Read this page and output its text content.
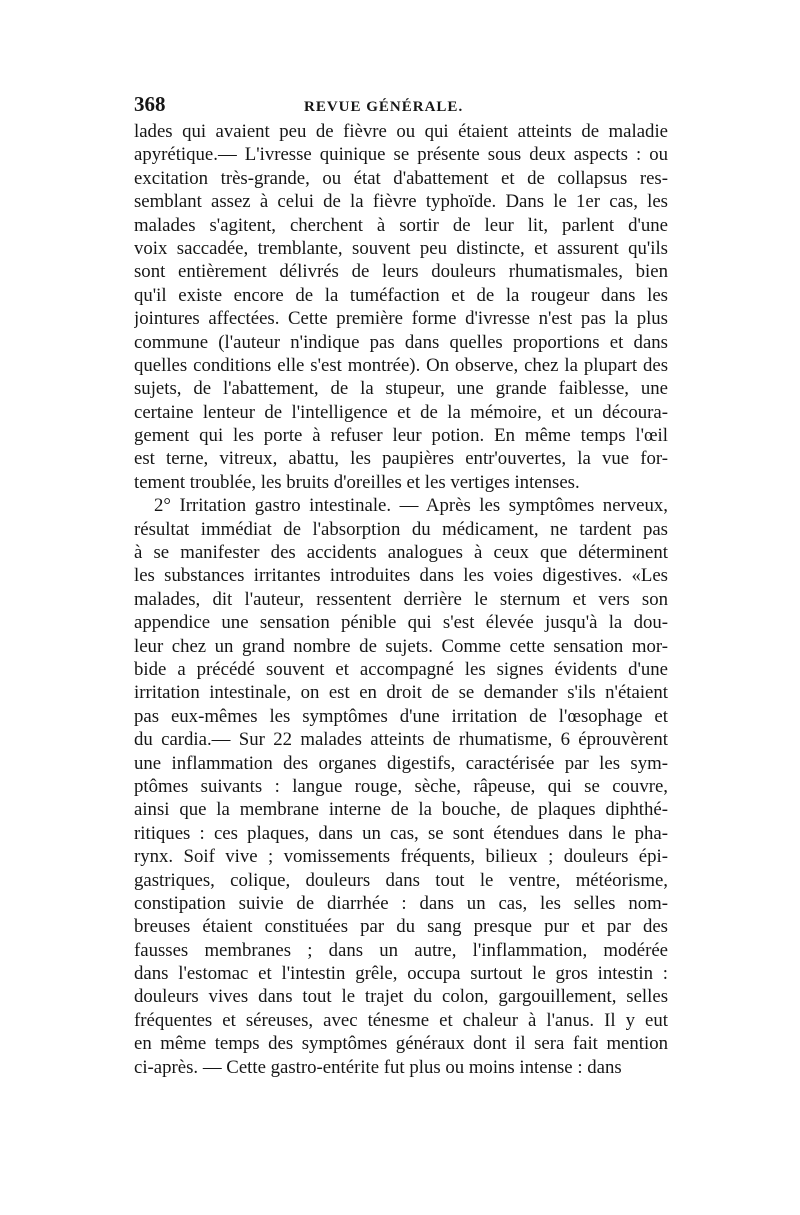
368	REVUE GÉNÉRALE.
lades qui avaient peu de fièvre ou qui étaient atteints de maladie
apyrétique.— L'ivresse quinique se présente sous deux aspects : ou
excitation très-grande, ou état d'abattement et de collapsus res-
semblant assez à celui de la fièvre typhoïde. Dans le 1er cas, les
malades s'agitent, cherchent à sortir de leur lit, parlent d'une
voix saccadée, tremblante, souvent peu distincte, et assurent qu'ils
sont entièrement délivrés de leurs douleurs rhumatismales, bien
qu'il existe encore de la tuméfaction et de la rougeur dans les
jointures affectées. Cette première forme d'ivresse n'est pas la plus
commune (l'auteur n'indique pas dans quelles proportions et dans
quelles conditions elle s'est montrée). On observe, chez la plupart des
sujets, de l'abattement, de la stupeur, une grande faiblesse, une
certaine lenteur de l'intelligence et de la mémoire, et un découra-
gement qui les porte à refuser leur potion. En même temps l'œil
est terne, vitreux, abattu, les paupières entr'ouvertes, la vue for-
tement troublée, les bruits d'oreilles et les vertiges intenses.
2° Irritation gastro intestinale. — Après les symptômes nerveux,
résultat immédiat de l'absorption du médicament, ne tardent pas
à se manifester des accidents analogues à ceux que déterminent
les substances irritantes introduites dans les voies digestives. «Les
malades, dit l'auteur, ressentent derrière le sternum et vers son
appendice une sensation pénible qui s'est élevée jusqu'à la dou-
leur chez un grand nombre de sujets. Comme cette sensation mor-
bide a précédé souvent et accompagné les signes évidents d'une
irritation intestinale, on est en droit de se demander s'ils n'étaient
pas eux-mêmes les symptômes d'une irritation de l'œsophage et
du cardia.— Sur 22 malades atteints de rhumatisme, 6 éprouvèrent
une inflammation des organes digestifs, caractérisée par les sym-
ptômes suivants : langue rouge, sèche, râpeuse, qui se couvre,
ainsi que la membrane interne de la bouche, de plaques diphthé-
ritiques : ces plaques, dans un cas, se sont étendues dans le pha-
rynx. Soif vive ; vomissements fréquents, bilieux ; douleurs épi-
gastriques, colique, douleurs dans tout le ventre, météorisme,
constipation suivie de diarrhée : dans un cas, les selles nom-
breuses étaient constituées par du sang presque pur et par des
fausses membranes ; dans un autre, l'inflammation, modérée
dans l'estomac et l'intestin grêle, occupa surtout le gros intestin :
douleurs vives dans tout le trajet du colon, gargouillement, selles
fréquentes et séreuses, avec ténesme et chaleur à l'anus. Il y eut
en même temps des symptômes généraux dont il sera fait mention
ci-après. — Cette gastro-entérite fut plus ou moins intense : dans
